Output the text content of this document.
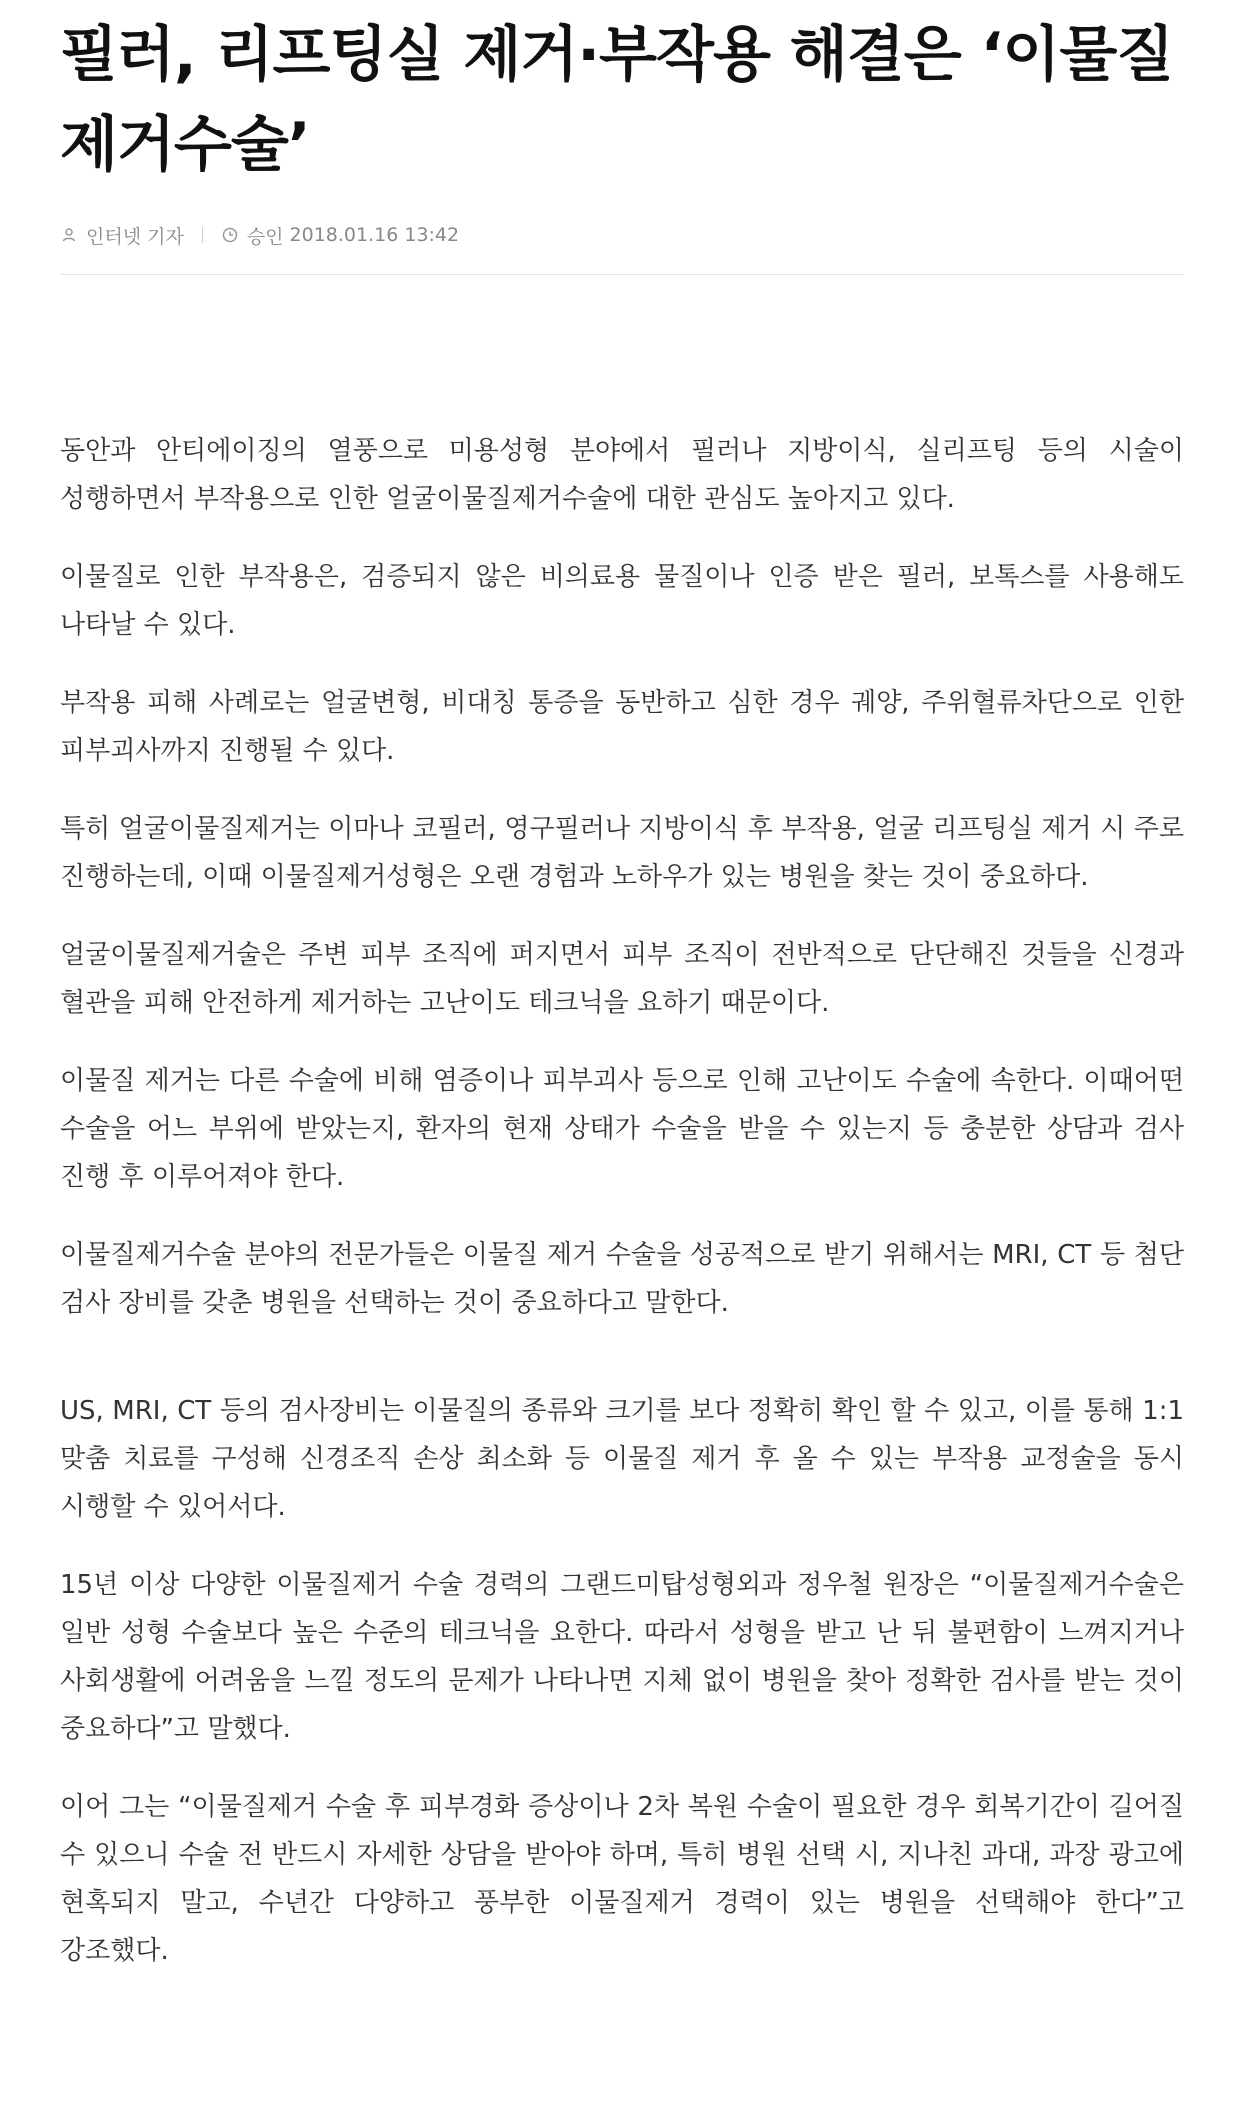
필러, 리프팅실 제거·부작용 해결은 ‘이물질제거수술’
인터넷 기자	승인 2018.01.16 13:42

동안과 안티에이징의 열풍으로 미용성형 분야에서 필러나 지방이식, 실리프팅 등의 시술이 성행하면서 부작용으로 인한 얼굴이물질제거수술에 대한 관심도 높아지고 있다.

이물질로 인한 부작용은, 검증되지 않은 비의료용 물질이나 인증 받은 필러, 보톡스를 사용해도 나타날 수 있다.

부작용 피해 사례로는 얼굴변형, 비대칭 통증을 동반하고 심한 경우 궤양, 주위혈류차단으로 인한 피부괴사까지 진행될 수 있다.

특히 얼굴이물질제거는 이마나 코필러, 영구필러나 지방이식 후 부작용, 얼굴 리프팅실 제거 시 주로 진행하는데, 이때 이물질제거성형은 오랜 경험과 노하우가 있는 병원을 찾는 것이 중요하다.

얼굴이물질제거술은 주변 피부 조직에 퍼지면서 피부 조직이 전반적으로 단단해진 것들을 신경과 혈관을 피해 안전하게 제거하는 고난이도 테크닉을 요하기 때문이다.

이물질 제거는 다른 수술에 비해 염증이나 피부괴사 등으로 인해 고난이도 수술에 속한다. 이때어떤 수술을 어느 부위에 받았는지, 환자의 현재 상태가 수술을 받을 수 있는지 등 충분한 상담과 검사 진행 후 이루어져야 한다.

이물질제거수술 분야의 전문가들은 이물질 제거 수술을 성공적으로 받기 위해서는 MRI, CT 등 첨단 검사 장비를 갖춘 병원을 선택하는 것이 중요하다고 말한다.

US, MRI, CT 등의 검사장비는 이물질의 종류와 크기를 보다 정확히 확인 할 수 있고, 이를 통해 1:1 맞춤 치료를 구성해 신경조직 손상 최소화 등 이물질 제거 후 올 수 있는 부작용 교정술을 동시 시행할 수 있어서다.

15년 이상 다양한 이물질제거 수술 경력의 그랜드미탑성형외과 정우철 원장은 “이물질제거수술은 일반 성형 수술보다 높은 수준의 테크닉을 요한다. 따라서 성형을 받고 난 뒤 불편함이 느껴지거나 사회생활에 어려움을 느낄 정도의 문제가 나타나면 지체 없이 병원을 찾아 정확한 검사를 받는 것이 중요하다”고 말했다.

이어 그는 “이물질제거 수술 후 피부경화 증상이나 2차 복원 수술이 필요한 경우 회복기간이 길어질 수 있으니 수술 전 반드시 자세한 상담을 받아야 하며, 특히 병원 선택 시, 지나친 과대, 과장 광고에 현혹되지 말고, 수년간 다양하고 풍부한 이물질제거 경력이 있는 병원을 선택해야 한다”고 강조했다.
